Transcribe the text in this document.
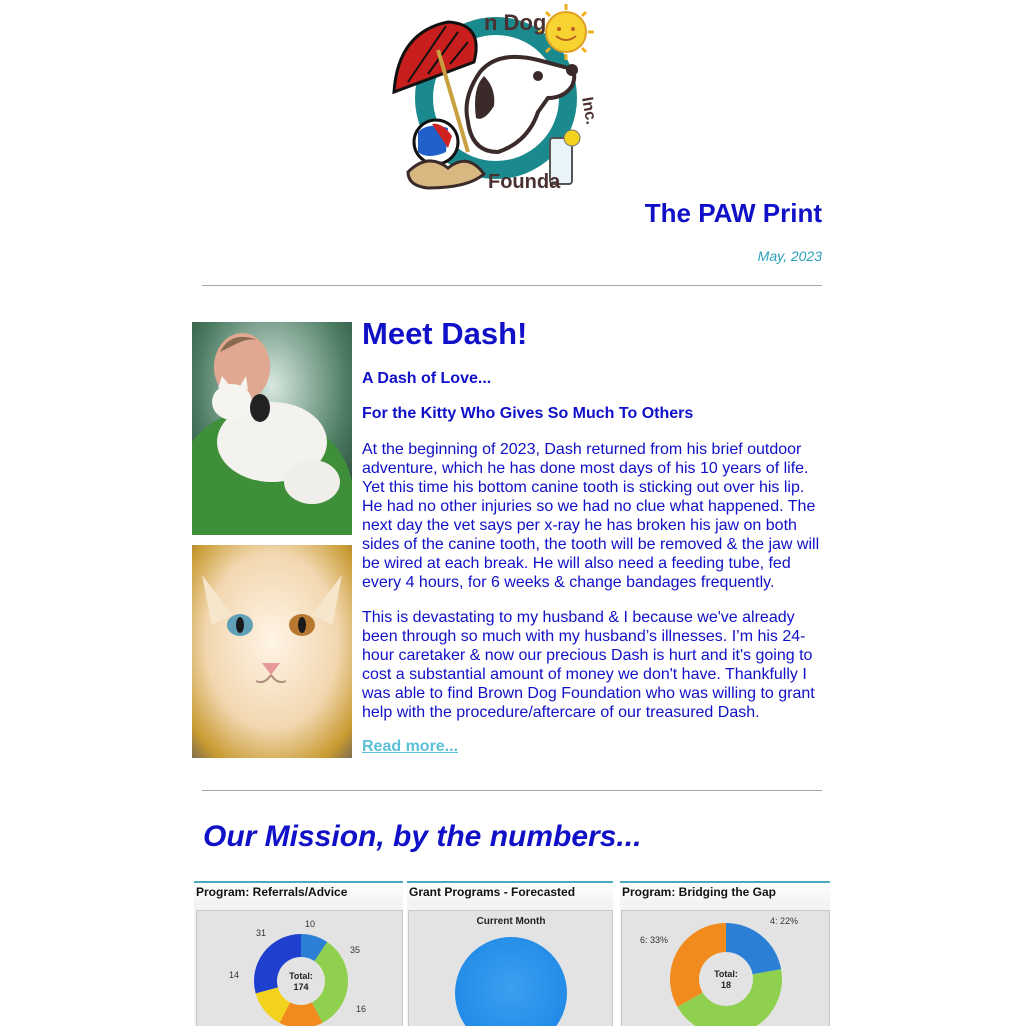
n Dog
Founda
Inc.
The PAW Print
May, 2023
Meet Dash!
A Dash of Love...
For the Kitty Who Gives So Much To Others

At the beginning of 2023, Dash returned from his brief outdoor adventure, which he has done most days of his 10 years of life. Yet this time his bottom canine tooth is sticking out over his lip. He had no other injuries so we had no clue what happened. The next day the vet says per x-ray he has broken his jaw on both sides of the canine tooth, the tooth will be removed & the jaw will be wired at each break. He will also need a feeding tube, fed every 4 hours, for 6 weeks & change bandages frequently.

This is devastating to my husband & I because we've already been through so much with my husband’s illnesses. I’m his 24-hour caretaker & now our precious Dash is hurt and it's going to cost a substantial amount of money we don't have. Thankfully I was able to find Brown Dog Foundation who was willing to grant help with the procedure/aftercare of our treasured Dash.

Read more...
Our Mission, by the numbers...
Program: Referrals/Advice
Total:
174
10
35
16
14
31
Grant Programs - Forecasted
Current Month
Program: Bridging the Gap
Total:
18
4: 22%
6: 33%
